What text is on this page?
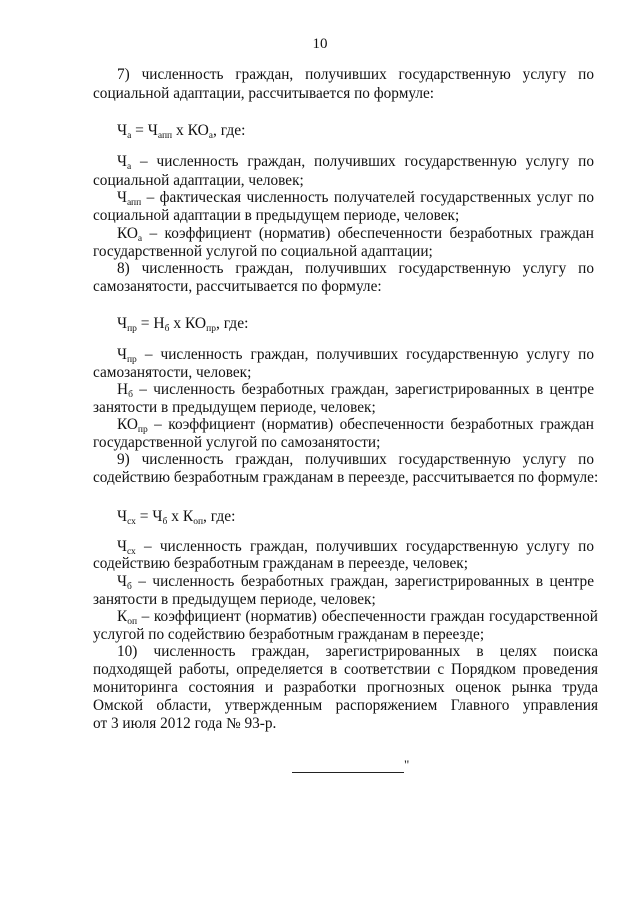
10
7) численность граждан, получивших государственную услугу по
социальной адаптации, рассчитывается по формуле:
$Ч_а = Ч_{апп}$ х $КО_а$, где:
$Ч_а$ – численность граждан, получивших государственную услугу по
социальной адаптации, человек;
$Ч_{апп}$ – фактическая численность получателей государственных услуг по
социальной адаптации в предыдущем периоде, человек;
$КО_а$ – коэффициент (норматив) обеспеченности безработных граждан
государственной услугой по социальной адаптации;
8) численность граждан, получивших государственную услугу по
самозанятости, рассчитывается по формуле:
$Ч_{пр} = Н_б$ х $КО_{пр}$, где:
$Ч_{пр}$ – численность граждан, получивших государственную услугу по
самозанятости, человек;
$Н_б$ – численность безработных граждан, зарегистрированных в центре
занятости в предыдущем периоде, человек;
$КО_{пр}$ – коэффициент (норматив) обеспеченности безработных граждан
государственной услугой по самозанятости;
9) численность граждан, получивших государственную услугу по
содействию безработным гражданам в переезде, рассчитывается по формуле:
$Ч_{сх} = Ч_б$ х $К_{оп}$, где:
$Ч_{сх}$ – численность граждан, получивших государственную услугу по
содействию безработным гражданам в переезде, человек;
$Ч_б$ – численность безработных граждан, зарегистрированных в центре
занятости в предыдущем периоде, человек;
$К_{оп}$ – коэффициент (норматив) обеспеченности граждан государственной
услугой по содействию безработным гражданам в переезде;
10) численность граждан, зарегистрированных в целях поиска
подходящей работы, определяется в соответствии с Порядком проведения
мониторинга состояния и разработки прогнозных оценок рынка труда
Омской области, утвержденным распоряжением Главного управления
от 3 июля 2012 года № 93-р.
"
